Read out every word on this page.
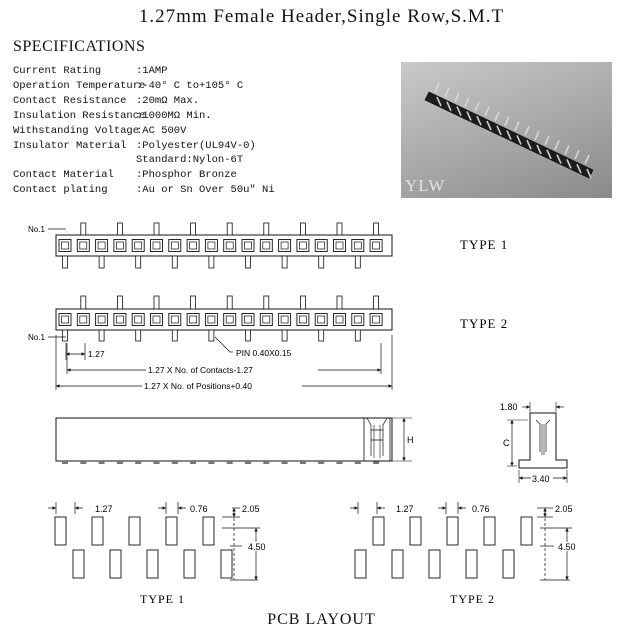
1.27mm Female Header,Single Row,S.M.T
SPECIFICATIONS
Current Rating	:1AMP
Operation Temperature
:-40° C to+105° C
Contact Resistance :20mΩ Max.
Insulation Resistance
:1000MΩ Min.
Withstanding Voltage
:AC 500V
Insulator Material :Polyester(UL94V-0)
Standard:Nylon-6T
Contact Material	:Phosphor Bronze
Contact plating	:Au or Sn Over 50u" Ni	YLW
No.1
No.1
TYPE 1
TYPE 2
1.27	PIN 0.40X0.15
1.27 X No. of Contacts-1.27
1.27 X No. of Positions+0.40
H
1.80
C
3.40
1.27	0.76	2.05
4.50
1.27	0.76	2.05
4.50
TYPE 1	TYPE 2
PCB LAYOUT
